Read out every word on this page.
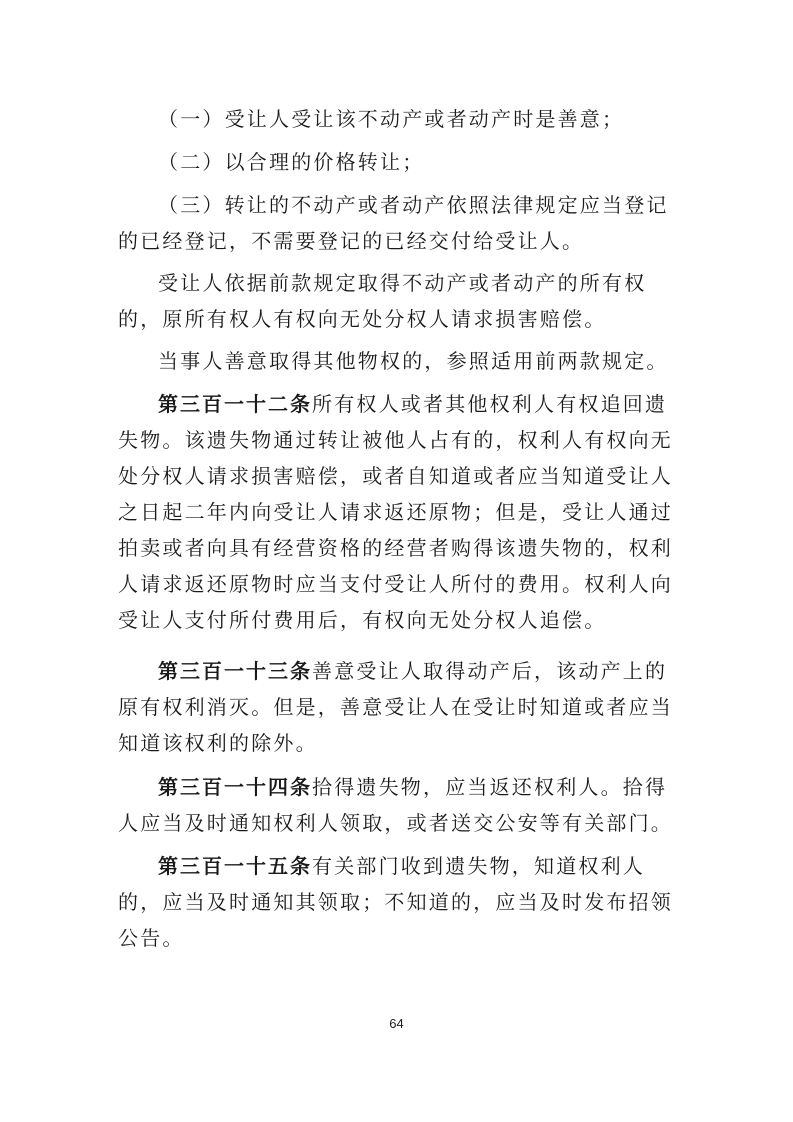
（一）受让人受让该不动产或者动产时是善意；

（二）以合理的价格转让；

（三）转让的不动产或者动产依照法律规定应当登记的已经登记，不需要登记的已经交付给受让人。

受让人依据前款规定取得不动产或者动产的所有权的，原所有权人有权向无处分权人请求损害赔偿。

当事人善意取得其他物权的，参照适用前两款规定。

第三百一十二条所有权人或者其他权利人有权追回遗失物。该遗失物通过转让被他人占有的，权利人有权向无处分权人请求损害赔偿，或者自知道或者应当知道受让人之日起二年内向受让人请求返还原物；但是，受让人通过拍卖或者向具有经营资格的经营者购得该遗失物的，权利人请求返还原物时应当支付受让人所付的费用。权利人向受让人支付所付费用后，有权向无处分权人追偿。

第三百一十三条善意受让人取得动产后，该动产上的原有权利消灭。但是，善意受让人在受让时知道或者应当知道该权利的除外。

第三百一十四条拾得遗失物，应当返还权利人。拾得人应当及时通知权利人领取，或者送交公安等有关部门。

第三百一十五条有关部门收到遗失物，知道权利人的，应当及时通知其领取；不知道的，应当及时发布招领公告。

64
